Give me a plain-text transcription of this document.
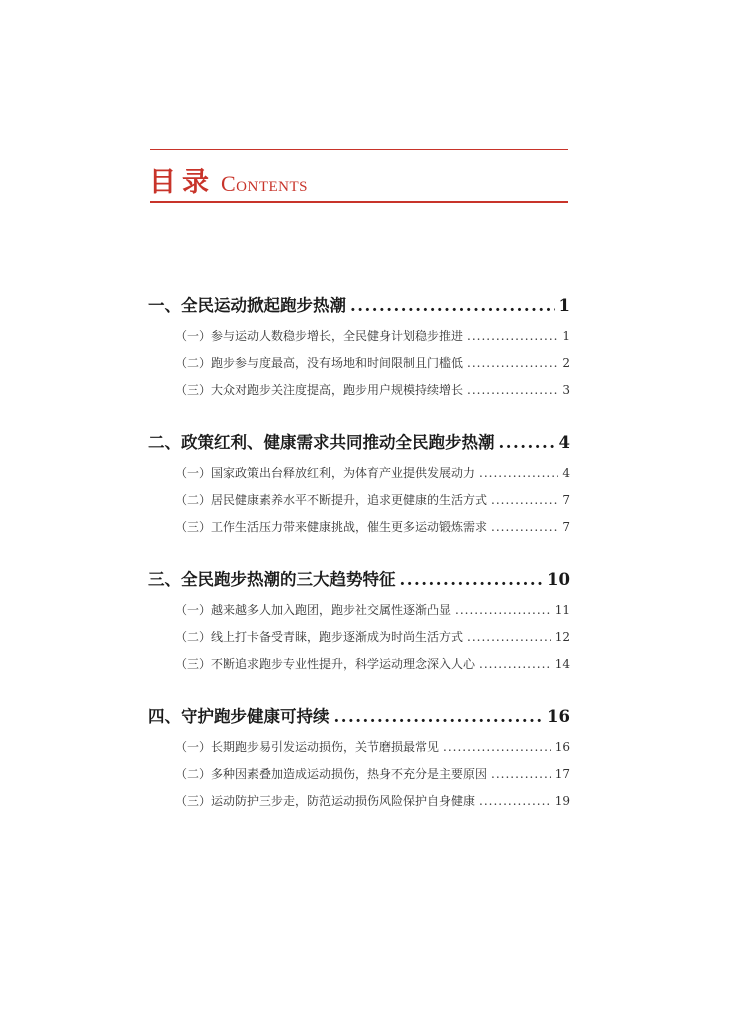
目录 Contents
一、全民运动掀起跑步热潮 .....	1
（一）参与运动人数稳步增长，全民健身计划稳步推进 .....	1
（二）跑步参与度最高，没有场地和时间限制且门槛低 .....	2
（三）大众对跑步关注度提高，跑步用户规模持续增长 .....	3
二、政策红利、健康需求共同推动全民跑步热潮 .....	4
（一）国家政策出台释放红利，为体育产业提供发展动力 .....	4
（二）居民健康素养水平不断提升，追求更健康的生活方式 .....	7
（三）工作生活压力带来健康挑战，催生更多运动锻炼需求 .....	7
三、全民跑步热潮的三大趋势特征 .....	10
（一）越来越多人加入跑团，跑步社交属性逐渐凸显 .....	11
（二）线上打卡备受青睐，跑步逐渐成为时尚生活方式 .....	12
（三）不断追求跑步专业性提升，科学运动理念深入人心 .....	14
四、守护跑步健康可持续 .....	16
（一）长期跑步易引发运动损伤，关节磨损最常见 .....	16
（二）多种因素叠加造成运动损伤，热身不充分是主要原因 .....	17
（三）运动防护三步走，防范运动损伤风险保护自身健康 .....	19
